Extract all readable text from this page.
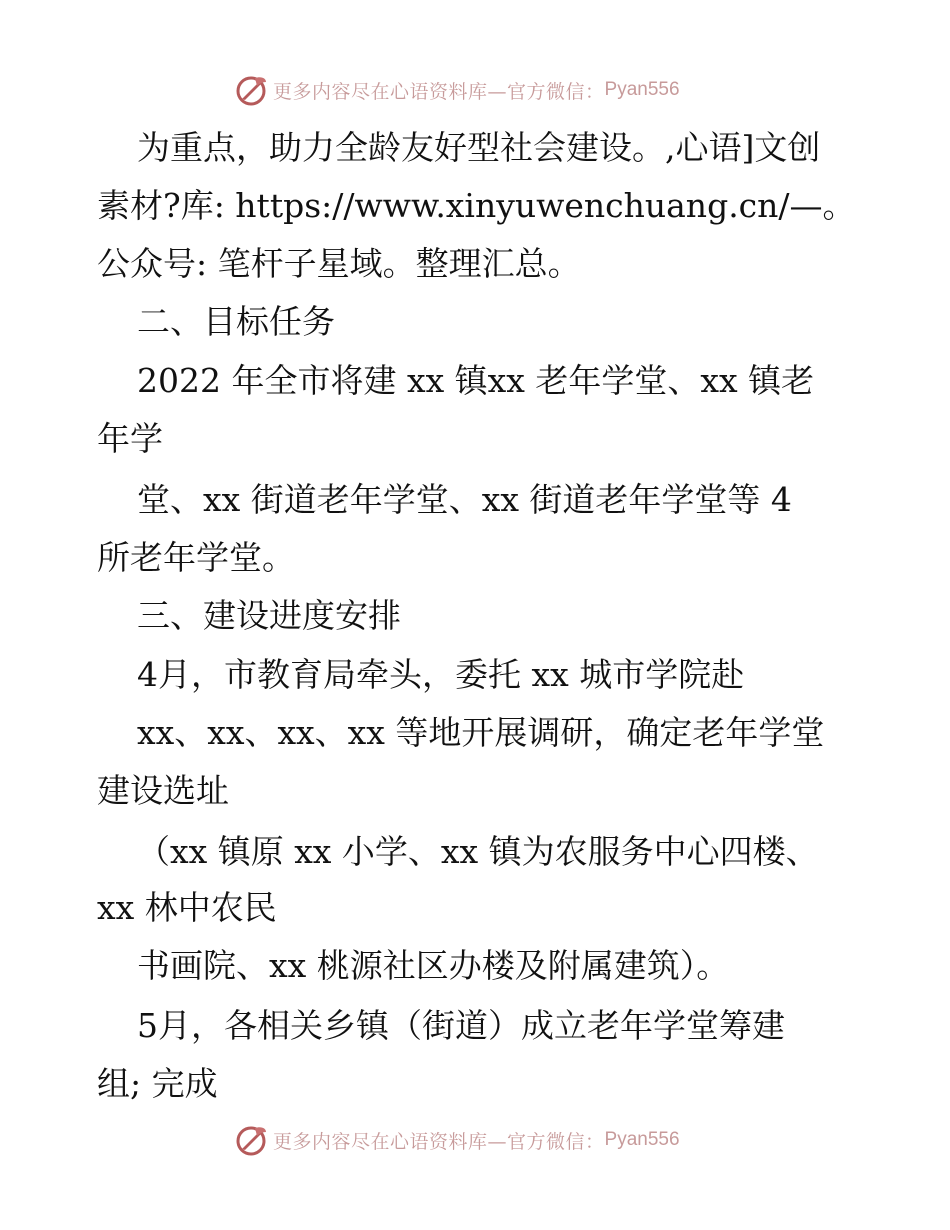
更多内容尽在心语资料库—官方微信： Pyan556
为重点，助力全龄友好型社会建设。,心语]文创
素材?库: https://www.xinyuwenchuang.cn/—。
公众号: 笔杆子星域。整理汇总。
二、目标任务
2022 年全市将建 xx 镇xx 老年学堂、xx 镇老
年学
堂、xx 街道老年学堂、xx 街道老年学堂等 4
所老年学堂。
三、建设进度安排
4月，市教育局牵头，委托 xx 城市学院赴
xx、xx、xx、xx 等地开展调研，确定老年学堂
建设选址
（xx 镇原 xx 小学、xx 镇为农服务中心四楼、
xx 林中农民
书画院、xx 桃源社区办楼及附属建筑）。
5月，各相关乡镇（街道）成立老年学堂筹建
组; 完成
更多内容尽在心语资料库—官方微信： Pyan556
